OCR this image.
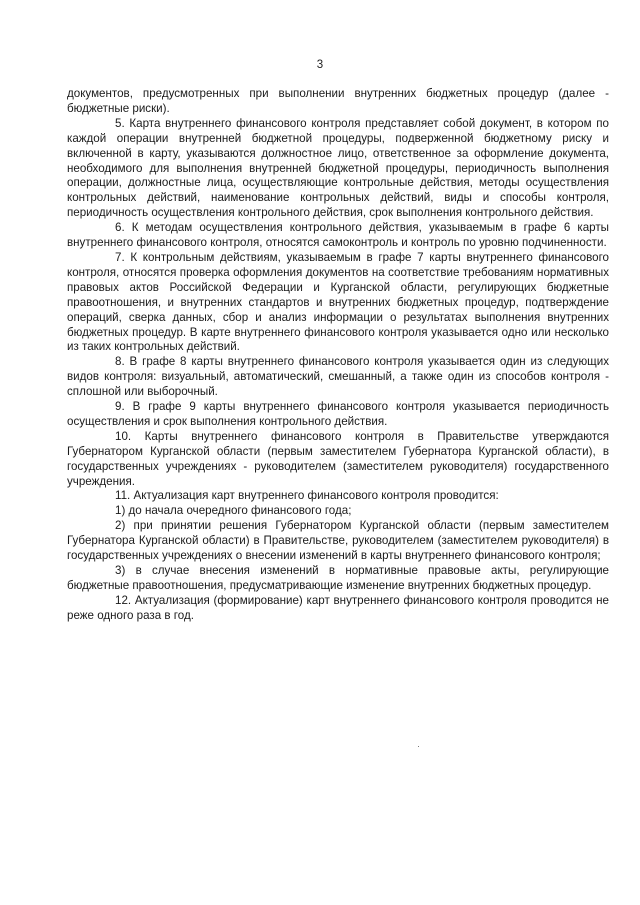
3

документов, предусмотренных при выполнении внутренних бюджетных процедур (далее - бюджетные риски).

5. Карта внутреннего финансового контроля представляет собой документ, в котором по каждой операции внутренней бюджетной процедуры, подверженной бюджетному риску и включенной в карту, указываются должностное лицо, ответственное за оформление документа, необходимого для выполнения внутренней бюджетной процедуры, периодичность выполнения операции, должностные лица, осуществляющие контрольные действия, методы осуществления контрольных действий, наименование контрольных действий, виды и способы контроля, периодичность осуществления контрольного действия, срок выполнения контрольного действия.

6. К методам осуществления контрольного действия, указываемым в графе 6 карты внутреннего финансового контроля, относятся самоконтроль и контроль по уровню подчиненности.

7. К контрольным действиям, указываемым в графе 7 карты внутреннего финансового контроля, относятся проверка оформления документов на соответствие требованиям нормативных правовых актов Российской Федерации и Курганской области, регулирующих бюджетные правоотношения, и внутренних стандартов и внутренних бюджетных процедур, подтверждение операций, сверка данных, сбор и анализ информации о результатах выполнения внутренних бюджетных процедур. В карте внутреннего финансового контроля указывается одно или несколько из таких контрольных действий.

8. В графе 8 карты внутреннего финансового контроля указывается один из следующих видов контроля: визуальный, автоматический, смешанный, а также один из способов контроля - сплошной или выборочный.

9. В графе 9 карты внутреннего финансового контроля указывается периодичность осуществления и срок выполнения контрольного действия.

10. Карты внутреннего финансового контроля в Правительстве утверждаются Губернатором Курганской области (первым заместителем Губернатора Курганской области), в государственных учреждениях - руководителем (заместителем руководителя) государственного учреждения.

11. Актуализация карт внутреннего финансового контроля проводится:

1) до начала очередного финансового года;

2) при принятии решения Губернатором Курганской области (первым заместителем Губернатора Курганской области) в Правительстве, руководителем (заместителем руководителя) в государственных учреждениях о внесении изменений в карты внутреннего финансового контроля;

3) в случае внесения изменений в нормативные правовые акты, регулирующие бюджетные правоотношения, предусматривающие изменение внутренних бюджетных процедур.

12. Актуализация (формирование) карт внутреннего финансового контроля проводится не реже одного раза в год.
